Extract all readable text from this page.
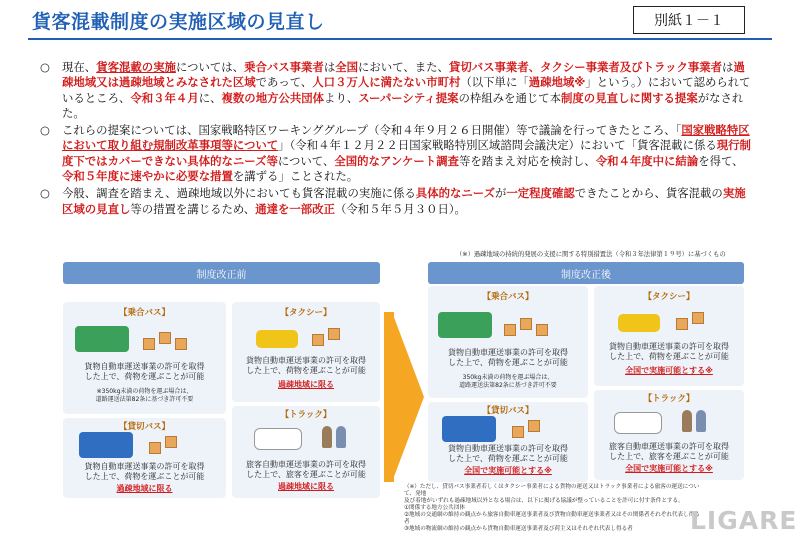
貨客混載制度の実施区域の見直し	別紙１－１
○ 現在、貨客混載の実施については、乗合バス事業者は全国において、また、貸切バス事業者、タクシー事業者及びトラック事業者は過疎地域又は過疎地域とみなされた区域であって、人口３万人に満たない市町村（以下単に「過疎地域※」という。）において認められているところ、令和３年４月に、複数の地方公共団体より、スーパーシティ提案の枠組みを通じて本制度の見直しに関する提案がなされた。
○ これらの提案については、国家戦略特区ワーキンググループ（令和４年９月２６日開催）等で議論を行ってきたところ、「国家戦略特区において取り組む規制改革事項等について」（令和４年１２月２２日国家戦略特別区域諮問会議決定）において「貨客混載に係る現行制度下ではカバーできない具体的なニーズ等について、全国的なアンケート調査等を踏まえ対応を検討し、令和４年度中に結論を得て、令和５年度に速やかに必要な措置を講ずる」ことされた。
○ 今般、調査を踏まえ、過疎地域以外においても貨客混載の実施に係る具体的なニーズが一定程度確認できたことから、貨客混載の実施区域の見直し等の措置を講じるため、通達を一部改正（令和５年５月３０日）。
（※）過疎地域の持続的発展の支援に関する特別措置法（令和３年法律第１９号）に基づくもの
制度改正前
【乗合バス】
貨物自動車運送事業の許可を取得
した上で、荷物を運ぶことが可能
※350kg未満の荷物を運ぶ場合は、
道路運送法第82条に基づき許可不要
【タクシー】
貨物自動車運送事業の許可を取得
した上で、荷物を運ぶことが可能
過疎地域に限る
【貸切バス】
貨物自動車運送事業の許可を取得
した上で、荷物を運ぶことが可能
過疎地域に限る
【トラック】
旅客自動車運送事業の許可を取得
した上で、旅客を運ぶことが可能
過疎地域に限る
制度改正後
【乗合バス】
貨物自動車運送事業の許可を取得
した上で、荷物を運ぶことが可能
350kg未満の荷物を運ぶ場合は、
道路運送法第82条に基づき許可不要
【タクシー】
貨物自動車運送事業の許可を取得
した上で、荷物を運ぶことが可能
全国で実施可能とする※
【貸切バス】
貨物自動車運送事業の許可を取得
した上で、荷物を運ぶことが可能
全国で実施可能とする※
【トラック】
旅客自動車運送事業の許可を取得
した上で、旅客を運ぶことが可能
全国で実施可能とする※
（※）ただし、貸切バス事業者若しくはタクシー事業者による貨物の運送又はトラック事業者による旅客の運送について、発地
及び着地がいずれも過疎地域以外となる場合は、以下に掲げる協議が整っていることを許可に付す条件とする。
①関係する地方公共団体
②地域の交通網の維持の観点から旅客自動車運送事業者及び貨物自動車運送事業者又はその関係者それぞれ代表し得る者
③地域の物流網の維持の観点から貨物自動車運送事業者及び荷主又はそれぞれ代表し得る者	LIGARE
